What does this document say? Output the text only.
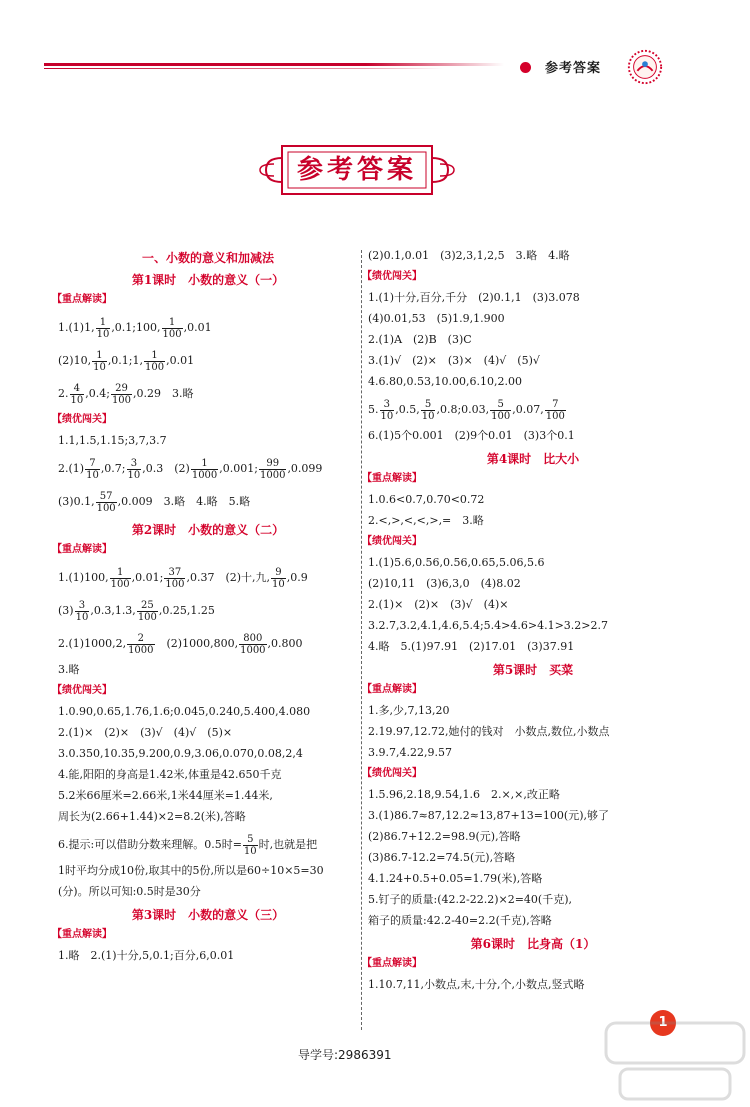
参考答案
参考答案
一、小数的意义和加减法
第1课时　小数的意义（一）
【重点解读】
1.(1)1, $\frac{1}{10}$ ,0.1;100, $\frac{1}{100} ,0.01$
(2)10, $\frac{1}{10}$ ,0.1;1, $\frac{1}{100} ,0.01$
2. $\frac{4}{10} ,0.4$; $\frac{29}{100} ,0.29$　3.略
【绩优闯关】
1.1,1.5,1.15;3,7,3.7
$2.(1) \frac{7}{10} ,0.7$; $\frac{3}{10} ,0.3$　$(2) \frac{1}{1000} ,0.001$; $\frac{99}{1000} ,0.099$
(3)0.1, $\frac{57}{100} ,0.009$　3.略　4.略　5.略
第2课时　小数的意义（二）
【重点解读】
1.(1)100, $\frac{1}{100} ,0.01$; $\frac{37}{100} ,0.37$　(2)十,九, $\frac{9}{10} ,0.9$
$(3) \frac{3}{10} ,0.3,1.3$, $\frac{25}{100} ,0.25,1.25$
2.(1)1000,2, $\frac{2}{1000}$ 　(2)1000,800, $\frac{800}{1000} ,0.800$
3.略
【绩优闯关】
1.0.90,0.65,1.76,1.6;0.045,0.240,5.400,4.080
2.(1)×　(2)×　(3)√　(4)√　(5)×
3.0.350,10.35,9.200,0.9,3.06,0.070,0.08,2,4
4.能,阳阳的身高是1.42米,体重是42.650千克
5.2米66厘米=2.66米,1米44厘米=1.44米,
周长为(2.66+1.44)×2=8.2(米),答略
6.提示:可以借助分数来理解。0.5时= $\frac{5}{10}$ 时,也就是把
1时平均分成10份,取其中的5份,所以是60÷10×5=30
(分)。所以可知:0.5时是30分
第3课时　小数的意义（三）
【重点解读】
1.略　2.(1)十分,5,0.1;百分,6,0.01
(2)0.1,0.01　(3)2,3,1,2,5　3.略　4.略
【绩优闯关】
1.(1)十分,百分,千分　(2)0.1,1　(3)3.078
(4)0.01,53　(5)1.9,1.900
2.(1)A　(2)B　(3)C
3.(1)√　(2)×　(3)×　(4)√　(5)√
4.6.80,0.53,10.00,6.10,2.00
5. $\frac{3}{10} ,0.5$, $\frac{5}{10}$ ,0.8;0.03, $\frac{5}{100} ,0.07$, $\frac{7}{100}$
6.(1)5个0.001　(2)9个0.01　(3)3个0.1
第4课时　比大小
【重点解读】
1.0.6<0.7,0.70<0.72
2.<,>,<,<,>,=　3.略
【绩优闯关】
1.(1)5.6,0.56,0.56,0.65,5.06,5.6
(2)10,11　(3)6,3,0　(4)8.02
2.(1)×　(2)×　(3)√　(4)×
3.2.7,3.2,4.1,4.6,5.4;5.4>4.6>4.1>3.2>2.7
4.略　5.(1)97.91　(2)17.01　(3)37.91
第5课时　买菜
【重点解读】
1.多,少,7,13,20
2.19.97,12.72,她付的钱对　小数点,数位,小数点
3.9.7,4.22,9.57
【绩优闯关】
1.5.96,2.18,9.54,1.6　2.×,×,改正略
3.(1)86.7≈87,12.2≈13,87+13=100(元),够了
(2)86.7+12.2=98.9(元),答略
(3)86.7-12.2=74.5(元),答略
4.1.24+0.5+0.05=1.79(米),答略
5.钉子的质量:(42.2-22.2)×2=40(千克),
箱子的质量:42.2-40=2.2(千克),答略
第6课时　比身高（1）
【重点解读】
1.10.7,11,小数点,末,十分,个,小数点,竖式略
导学号:2986391
1
